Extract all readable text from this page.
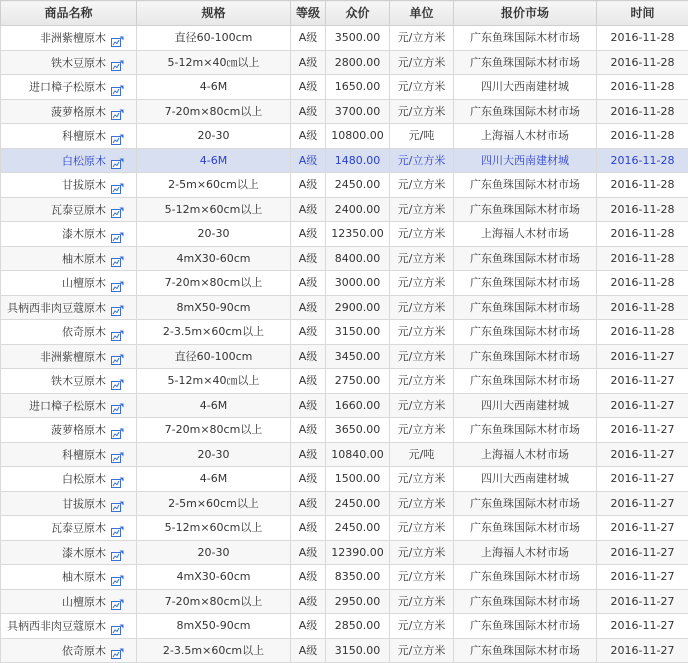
商品名称	规格	等级	众价	单位	报价市场	时间
非洲紫檀原木	直径60-100cm	A级	3500.00	元/立方米	广东鱼珠国际木材市场	2016-11-28
铁木豆原木	5-12m×40㎝以上	A级	2800.00	元/立方米	广东鱼珠国际木材市场	2016-11-28
进口樟子松原木	4-6M	A级	1650.00	元/立方米	四川大西南建材城	2016-11-28
菠萝格原木	7-20m×80cm以上	A级	3700.00	元/立方米	广东鱼珠国际木材市场	2016-11-28
科檀原木	20-30	A级	10800.00	元/吨	上海福人木材市场	2016-11-28
白松原木	4-6M	A级	1480.00	元/立方米	四川大西南建材城	2016-11-28
甘拔原木	2-5m×60cm以上	A级	2450.00	元/立方米	广东鱼珠国际木材市场	2016-11-28
瓦泰豆原木	5-12m×60cm以上	A级	2400.00	元/立方米	广东鱼珠国际木材市场	2016-11-28
漆木原木	20-30	A级	12350.00	元/立方米	上海福人木材市场	2016-11-28
柚木原木	4mX30-60cm	A级	8400.00	元/立方米	广东鱼珠国际木材市场	2016-11-28
山檀原木	7-20m×80cm以上	A级	3000.00	元/立方米	广东鱼珠国际木材市场	2016-11-28
具柄西非肉豆蔻原木	8mX50-90cm	A级	2900.00	元/立方米	广东鱼珠国际木材市场	2016-11-28
依奇原木	2-3.5m×60cm以上	A级	3150.00	元/立方米	广东鱼珠国际木材市场	2016-11-28
非洲紫檀原木	直径60-100cm	A级	3450.00	元/立方米	广东鱼珠国际木材市场	2016-11-27
铁木豆原木	5-12m×40㎝以上	A级	2750.00	元/立方米	广东鱼珠国际木材市场	2016-11-27
进口樟子松原木	4-6M	A级	1660.00	元/立方米	四川大西南建材城	2016-11-27
菠萝格原木	7-20m×80cm以上	A级	3650.00	元/立方米	广东鱼珠国际木材市场	2016-11-27
科檀原木	20-30	A级	10840.00	元/吨	上海福人木材市场	2016-11-27
白松原木	4-6M	A级	1500.00	元/立方米	四川大西南建材城	2016-11-27
甘拔原木	2-5m×60cm以上	A级	2450.00	元/立方米	广东鱼珠国际木材市场	2016-11-27
瓦泰豆原木	5-12m×60cm以上	A级	2450.00	元/立方米	广东鱼珠国际木材市场	2016-11-27
漆木原木	20-30	A级	12390.00	元/立方米	上海福人木材市场	2016-11-27
柚木原木	4mX30-60cm	A级	8350.00	元/立方米	广东鱼珠国际木材市场	2016-11-27
山檀原木	7-20m×80cm以上	A级	2950.00	元/立方米	广东鱼珠国际木材市场	2016-11-27
具柄西非肉豆蔻原木	8mX50-90cm	A级	2850.00	元/立方米	广东鱼珠国际木材市场	2016-11-27
依奇原木	2-3.5m×60cm以上	A级	3150.00	元/立方米	广东鱼珠国际木材市场	2016-11-27
